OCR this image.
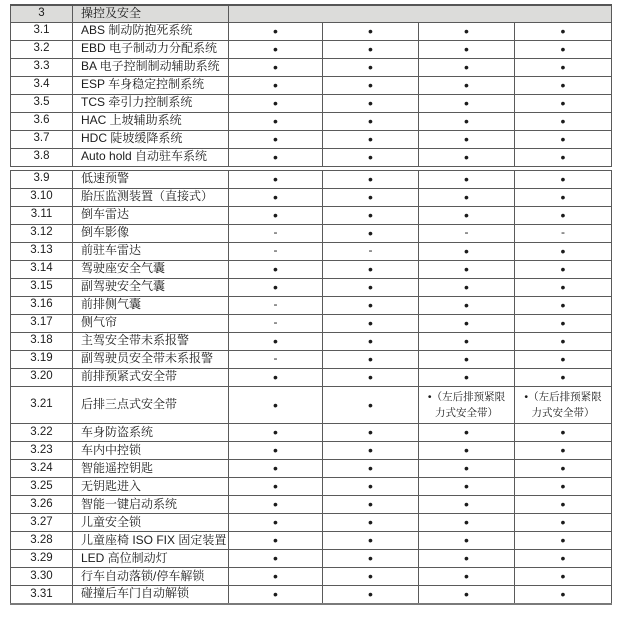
3	操控及安全				
3.1	ABS 制动防抱死系统	•	•	•	•
3.2	EBD 电子制动力分配系统	•	•	•	•
3.3	BA 电子控制制动辅助系统	•	•	•	•
3.4	ESP 车身稳定控制系统	•	•	•	•
3.5	TCS 牵引力控制系统	•	•	•	•
3.6	HAC 上坡辅助系统	•	•	•	•
3.7	HDC 陡坡缓降系统	•	•	•	•
3.8	Auto hold 自动驻车系统	•	•	•	•
3.9	低速预警	•	•	•	•
3.10	胎压监测装置（直接式）	•	•	•	•
3.11	倒车雷达	•	•	•	•
3.12	倒车影像	-	•	-	-
3.13	前驻车雷达	-	-	•	•
3.14	驾驶座安全气囊	•	•	•	•
3.15	副驾驶安全气囊	•	•	•	•
3.16	前排侧气囊	-	•	•	•
3.17	侧气帘	-	•	•	•
3.18	主驾安全带未系报警	•	•	•	•
3.19	副驾驶员安全带未系报警	-	•	•	•
3.20	前排预紧式安全带	•	•	•	•
3.21	后排三点式安全带	•	•	•（左后排预紧限力式安全带）	•（左后排预紧限力式安全带）
3.22	车身防盗系统	•	•	•	•
3.23	车内中控锁	•	•	•	•
3.24	智能遥控钥匙	•	•	•	•
3.25	无钥匙进入	•	•	•	•
3.26	智能一键启动系统	•	•	•	•
3.27	儿童安全锁	•	•	•	•
3.28	儿童座椅 ISO FIX 固定装置	•	•	•	•
3.29	LED 高位制动灯	•	•	•	•
3.30	行车自动落锁/停车解锁	•	•	•	•
3.31	碰撞后车门自动解锁	•	•	•	•
